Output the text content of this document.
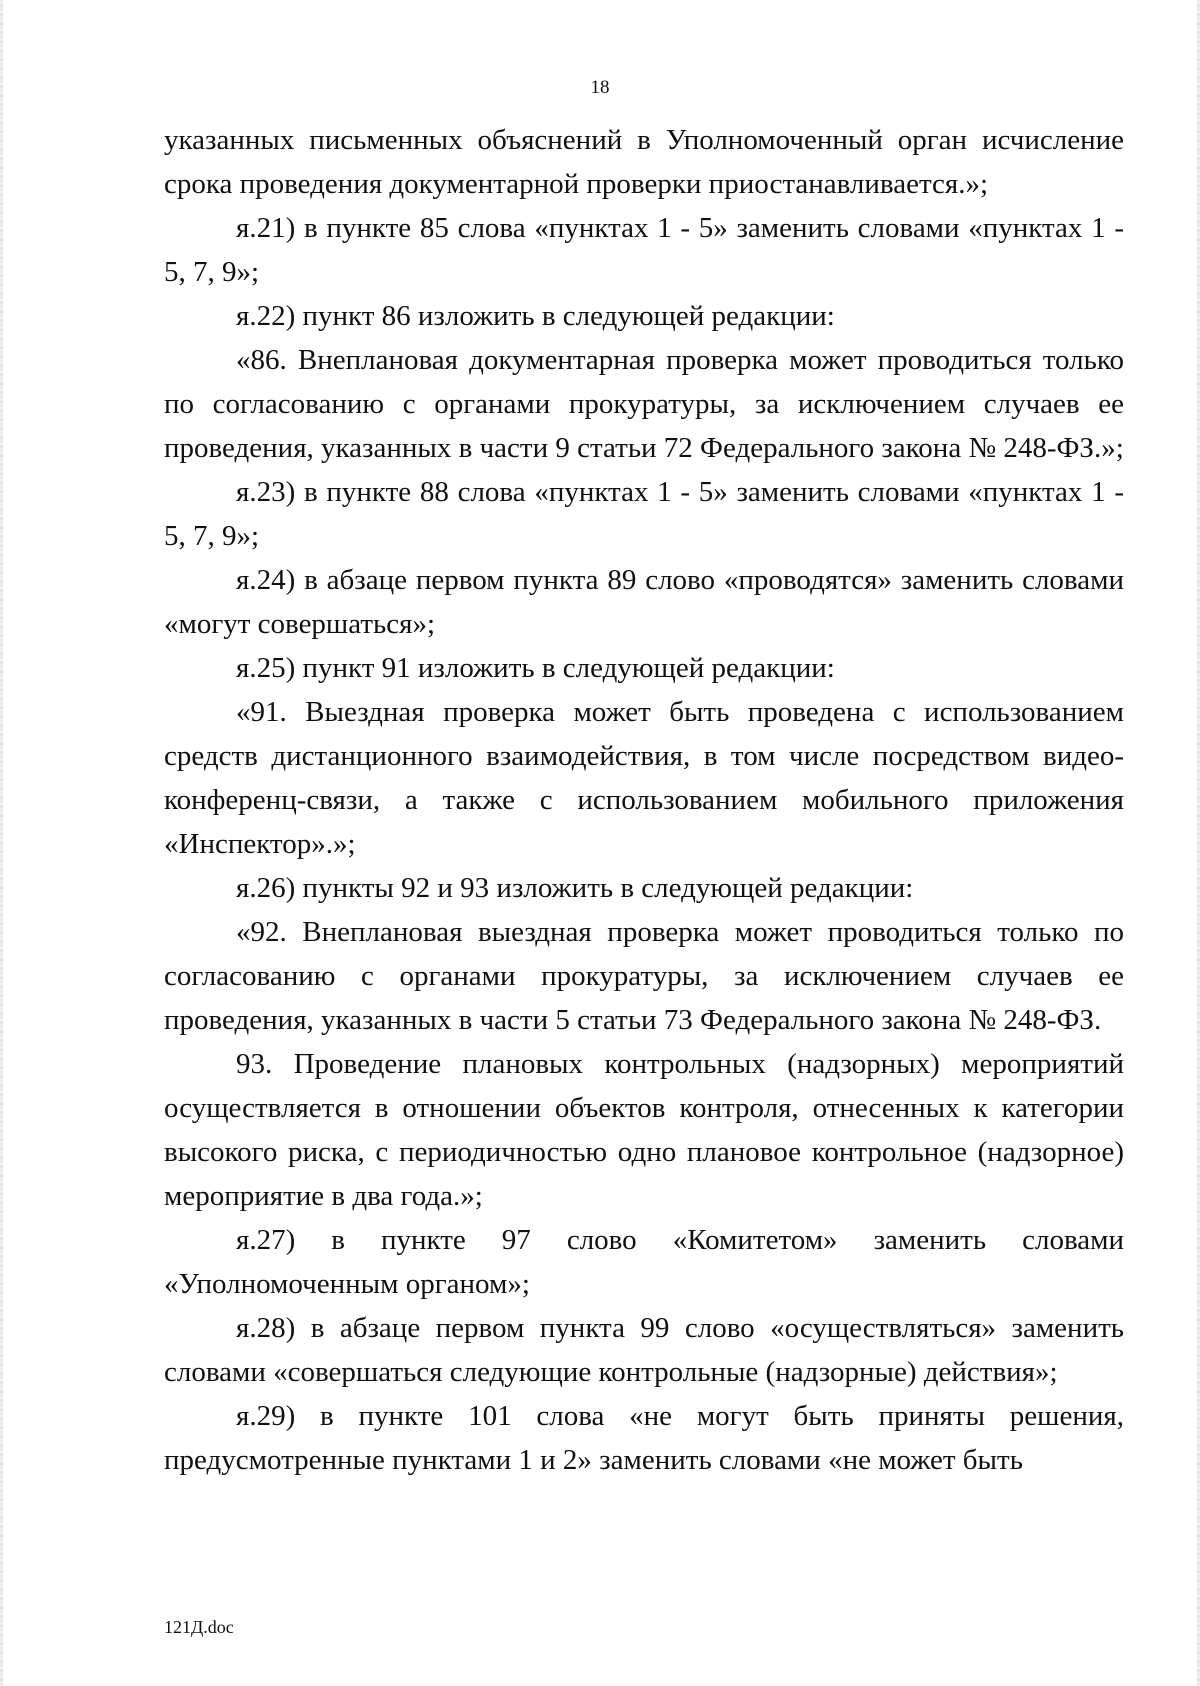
18

указанных письменных объяснений в Уполномоченный орган исчисление срока проведения документарной проверки приостанавливается.»;

я.21) в пункте 85 слова «пунктах 1 - 5» заменить словами «пунктах 1 - 5, 7, 9»;

я.22) пункт 86 изложить в следующей редакции:

«86. Внеплановая документарная проверка может проводиться только по согласованию с органами прокуратуры, за исключением случаев ее проведения, указанных в части 9 статьи 72 Федерального закона № 248-ФЗ.»;

я.23) в пункте 88 слова «пунктах 1 - 5» заменить словами «пунктах 1 - 5, 7, 9»;

я.24) в абзаце первом пункта 89 слово «проводятся» заменить словами «могут совершаться»;

я.25) пункт 91 изложить в следующей редакции:

«91. Выездная проверка может быть проведена с использованием средств дистанционного взаимодействия, в том числе посредством видео-конференц-связи, а также с использованием мобильного приложения «Инспектор».»;

я.26) пункты 92 и 93 изложить в следующей редакции:

«92. Внеплановая выездная проверка может проводиться только по согласованию с органами прокуратуры, за исключением случаев ее проведения, указанных в части 5 статьи 73 Федерального закона № 248-ФЗ.

93. Проведение плановых контрольных (надзорных) мероприятий осуществляется в отношении объектов контроля, отнесенных к категории высокого риска, с периодичностью одно плановое контрольное (надзорное) мероприятие в два года.»;

я.27) в пункте 97 слово «Комитетом» заменить словами «Уполномоченным органом»;

я.28) в абзаце первом пункта 99 слово «осуществляться» заменить словами «совершаться следующие контрольные (надзорные) действия»;

я.29) в пункте 101 слова «не могут быть приняты решения, предусмотренные пунктами 1 и 2» заменить словами «не может быть

121Д.doc
